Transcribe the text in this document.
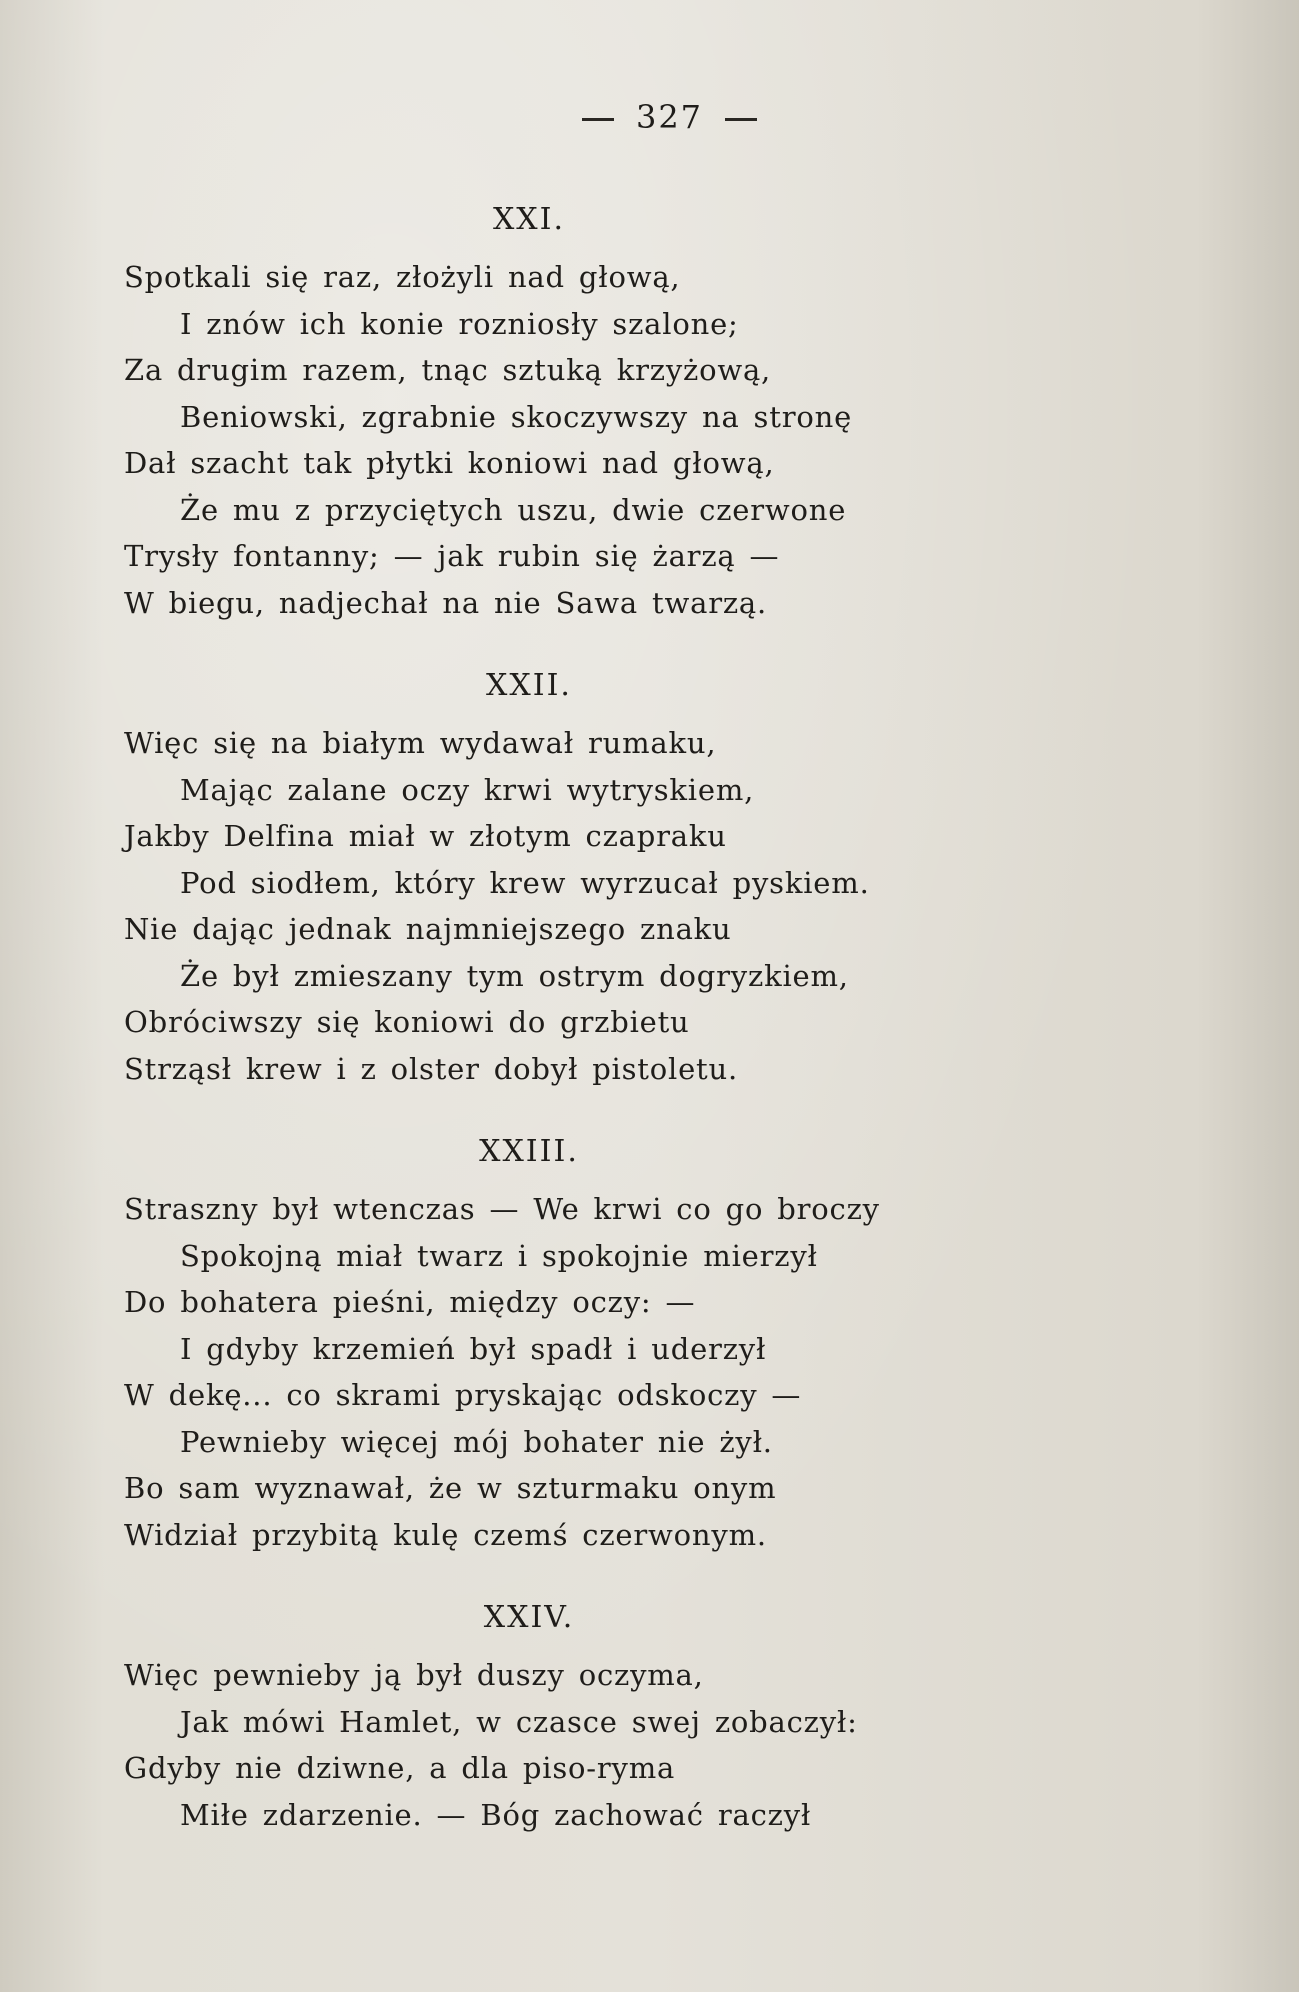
327
XXI.
Spotkali się raz, złożyli nad głową,
I znów ich konie rozniosły szalone;
Za drugim razem, tnąc sztuką krzyżową,
Beniowski, zgrabnie skoczywszy na stronę
Dał szacht tak płytki koniowi nad głową,
Że mu z przyciętych uszu, dwie czerwone
Trysły fontanny; — jak rubin się żarzą —
W biegu, nadjechał na nie Sawa twarzą.
XXII.
Więc się na białym wydawał rumaku,
Mając zalane oczy krwi wytryskiem,
Jakby Delfina miał w złotym czapraku
Pod siodłem, który krew wyrzucał pyskiem.
Nie dając jednak najmniejszego znaku
Że był zmieszany tym ostrym dogryzkiem,
Obróciwszy się koniowi do grzbietu
Strząsł krew i z olster dobył pistoletu.
XXIII.
Straszny był wtenczas — We krwi co go broczy
Spokojną miał twarz i spokojnie mierzył
Do bohatera pieśni, między oczy: —
I gdyby krzemień był spadł i uderzył
W dekę... co skrami pryskając odskoczy —
Pewnieby więcej mój bohater nie żył.
Bo sam wyznawał, że w szturmaku onym
Widział przybitą kulę czemś czerwonym.
XXIV.
Więc pewnieby ją był duszy oczyma,
Jak mówi Hamlet, w czasce swej zobaczył:
Gdyby nie dziwne, a dla piso-ryma
Miłe zdarzenie. — Bóg zachować raczył
